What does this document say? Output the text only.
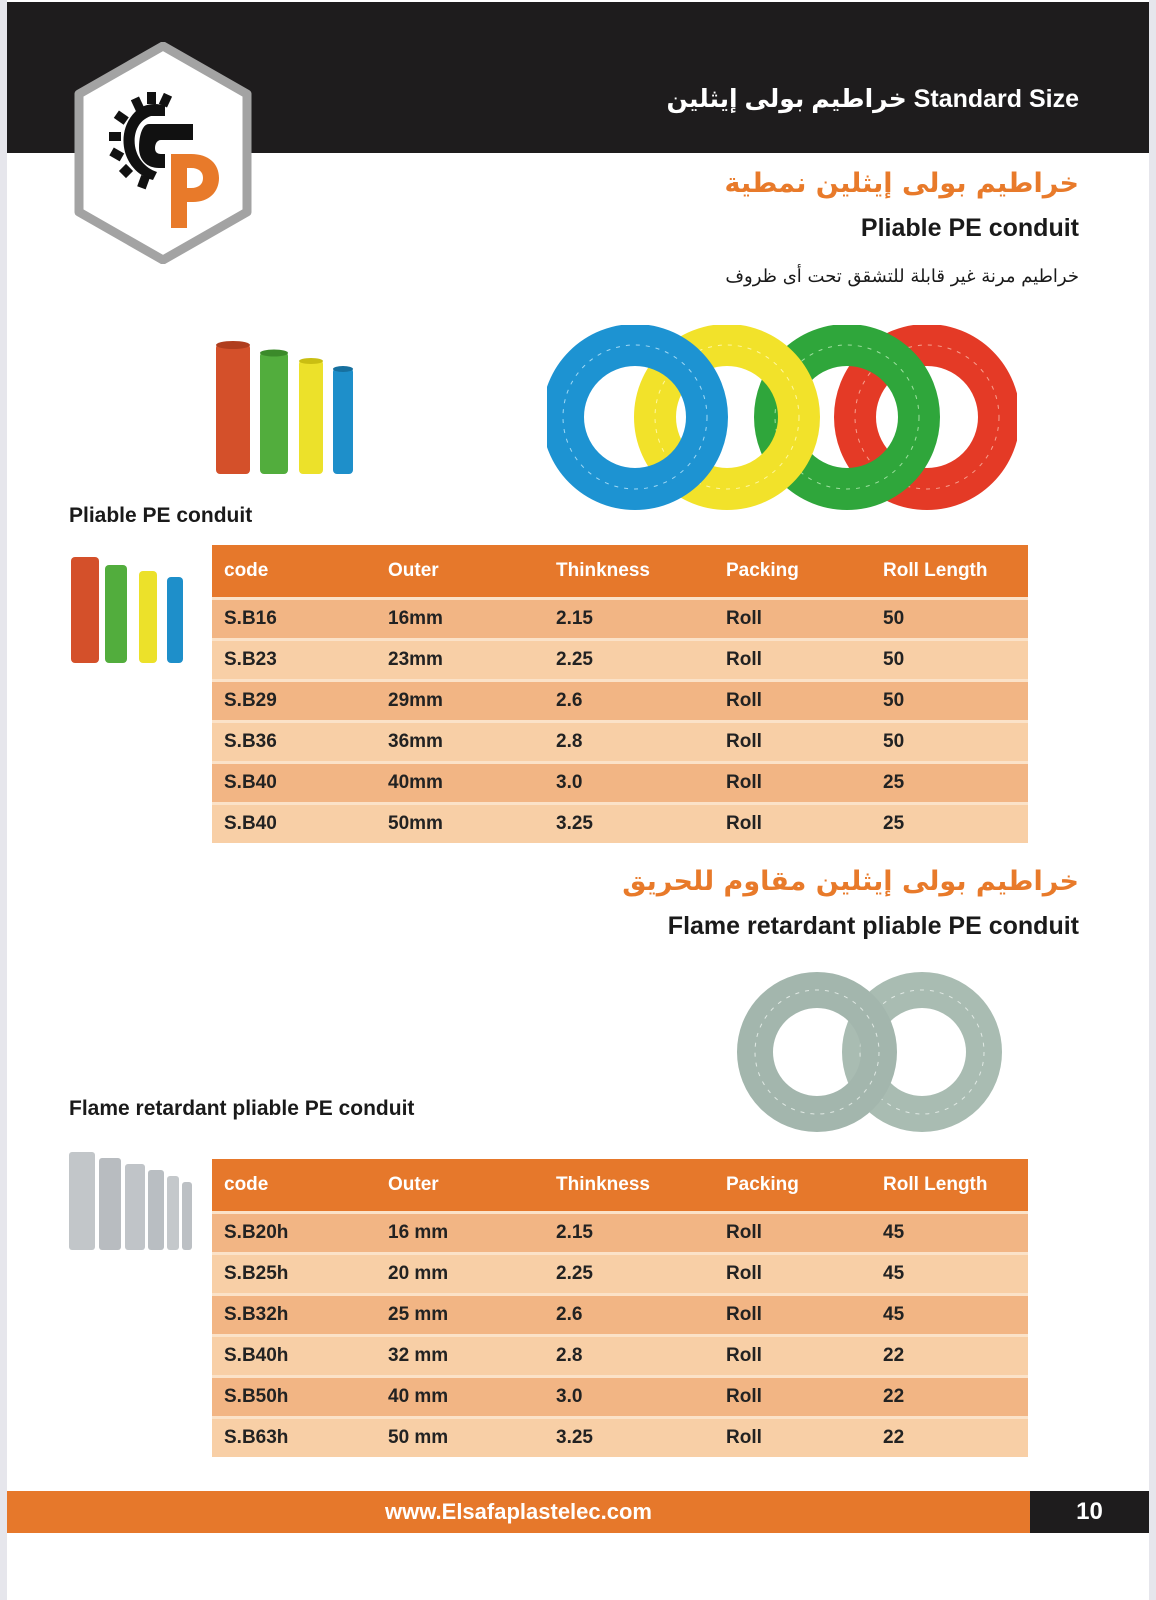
خراطيم بولى إيثلين Standard Size
خراطيم بولى إيثلين نمطية
Pliable PE conduit
خراطيم مرنة غير قابلة للتشقق تحت أى ظروف
Pliable PE conduit
code	Outer	Thinkness	Packing	Roll Length
S.B16	16mm	2.15	Roll	50
S.B23	23mm	2.25	Roll	50
S.B29	29mm	2.6	Roll	50
S.B36	36mm	2.8	Roll	50
S.B40	40mm	3.0	Roll	25
S.B40	50mm	3.25	Roll	25
خراطيم بولى إيثلين مقاوم للحريق
Flame retardant pliable PE conduit
Flame retardant pliable PE conduit
code	Outer	Thinkness	Packing	Roll Length
S.B20h	16 mm	2.15	Roll	45
S.B25h	20 mm	2.25	Roll	45
S.B32h	25 mm	2.6	Roll	45
S.B40h	32 mm	2.8	Roll	22
S.B50h	40 mm	3.0	Roll	22
S.B63h	50 mm	3.25	Roll	22
www.Elsafaplastelec.com	10
